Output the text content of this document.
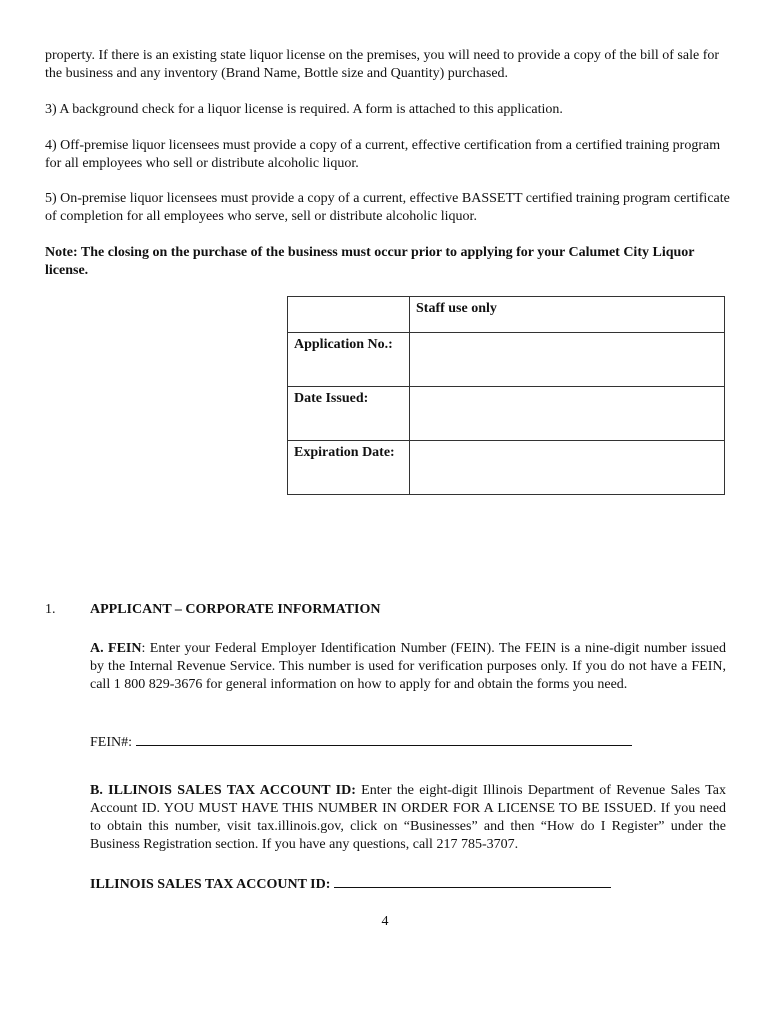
property. If there is an existing state liquor license on the premises, you will need to provide a copy of the bill of sale for the business and any inventory (Brand Name, Bottle size and Quantity) purchased.

3) A background check for a liquor license is required. A form is attached to this application.

4) Off-premise liquor licensees must provide a copy of a current, effective certification from a certified training program for all employees who sell or distribute alcoholic liquor.

5) On-premise liquor licensees must provide a copy of a current, effective BASSETT certified training program certificate of completion for all employees who serve, sell or distribute alcoholic liquor.

Note: The closing on the purchase of the business must occur prior to applying for your Calumet City Liquor license.

	Staff use only
Application No.:	
Date Issued:	
Expiration Date:	
1. APPLICANT – CORPORATE INFORMATION

A. FEIN: Enter your Federal Employer Identification Number (FEIN). The FEIN is a nine-digit number issued by the Internal Revenue Service. This number is used for verification purposes only. If you do not have a FEIN, call 1 800 829-3676 for general information on how to apply for and obtain the forms you need.

FEIN#:

B. ILLINOIS SALES TAX ACCOUNT ID: Enter the eight-digit Illinois Department of Revenue Sales Tax Account ID. YOU MUST HAVE THIS NUMBER IN ORDER FOR A LICENSE TO BE ISSUED. If you need to obtain this number, visit tax.illinois.gov, click on “Businesses” and then “How do I Register” under the Business Registration section. If you have any questions, call 217 785-3707.

ILLINOIS SALES TAX ACCOUNT ID:
4
